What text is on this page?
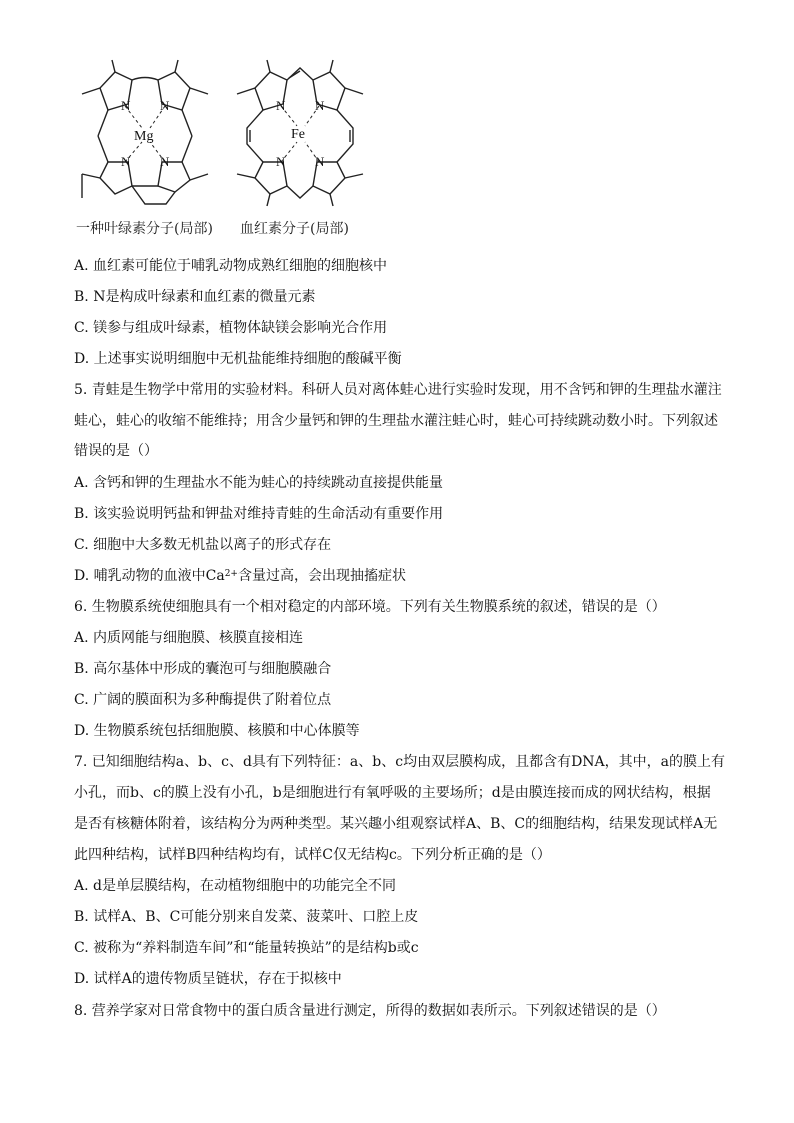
N N
N N
Mg
N N
N N
Fe
一种叶绿素分子(局部) 血红素分子(局部)
A. 血红素可能位于哺乳动物成熟红细胞的细胞核中
B. N是构成叶绿素和血红素的微量元素
C. 镁参与组成叶绿素，植物体缺镁会影响光合作用
D. 上述事实说明细胞中无机盐能维持细胞的酸碱平衡
5. 青蛙是生物学中常用的实验材料。科研人员对离体蛙心进行实验时发现，用不含钙和钾的生理盐水灌注
蛙心，蛙心的收缩不能维持；用含少量钙和钾的生理盐水灌注蛙心时，蛙心可持续跳动数小时。下列叙述
错误的是（）
A. 含钙和钾的生理盐水不能为蛙心的持续跳动直接提供能量
B. 该实验说明钙盐和钾盐对维持青蛙的生命活动有重要作用
C. 细胞中大多数无机盐以离子的形式存在
D. 哺乳动物的血液中$Ca^{2+}$含量过高，会出现抽搐症状
6. 生物膜系统使细胞具有一个相对稳定的内部环境。下列有关生物膜系统的叙述，错误的是（）
A. 内质网能与细胞膜、核膜直接相连
B. 高尔基体中形成的囊泡可与细胞膜融合
C. 广阔的膜面积为多种酶提供了附着位点
D. 生物膜系统包括细胞膜、核膜和中心体膜等
7. 已知细胞结构a、b、c、d具有下列特征：a、b、c均由双层膜构成，且都含有DNA，其中，a的膜上有
小孔，而b、c的膜上没有小孔，b是细胞进行有氧呼吸的主要场所；d是由膜连接而成的网状结构，根据
是否有核糖体附着，该结构分为两种类型。某兴趣小组观察试样A、B、C的细胞结构，结果发现试样A无
此四种结构，试样B四种结构均有，试样C仅无结构c。下列分析正确的是（）
A. d是单层膜结构，在动植物细胞中的功能完全不同
B. 试样A、B、C可能分别来自发菜、菠菜叶、口腔上皮
C. 被称为“养料制造车间”和“能量转换站”的是结构b或c
D. 试样A的遗传物质呈链状，存在于拟核中
8. 营养学家对日常食物中的蛋白质含量进行测定，所得的数据如表所示。下列叙述错误的是（）
